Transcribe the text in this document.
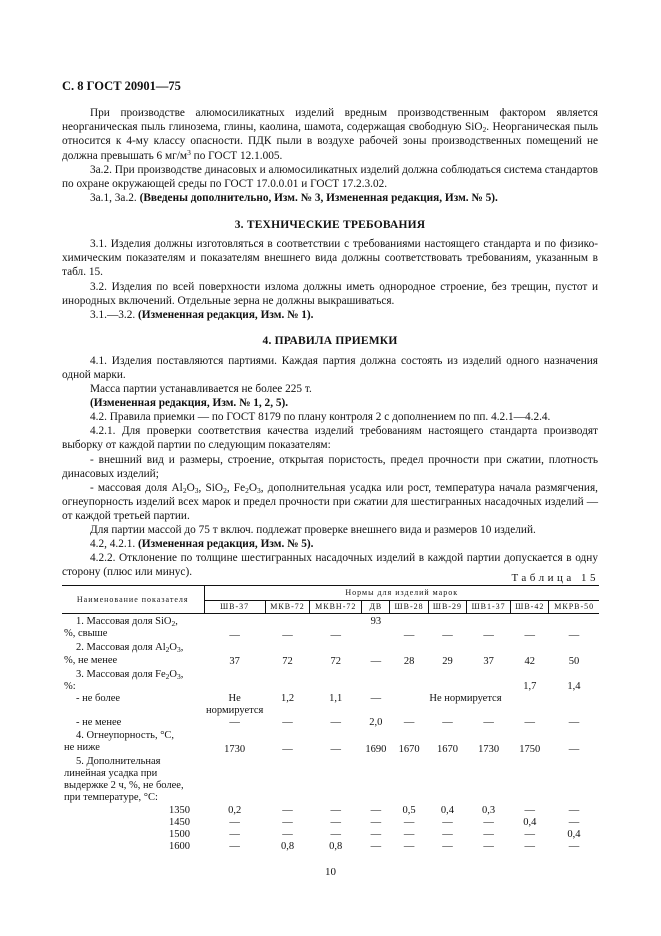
С. 8 ГОСТ 20901—75
При производстве алюмосиликатных изделий вредным производственным фактором является неорганическая пыль глинозема, глины, каолина, шамота, содержащая свободную SiO$_2$. Неорганическая пыль относится к 4-му классу опасности. ПДК пыли в воздухе рабочей зоны производственных помещений не должна превышать 6 $мг/м^3$ по ГОСТ 12.1.005.
3а.2. При производстве динасовых и алюмосиликатных изделий должна соблюдаться система стандартов по охране окружающей среды по ГОСТ 17.0.0.01 и ГОСТ 17.2.3.02.
3а.1, 3а.2. (Введены дополнительно, Изм. № 3, Измененная редакция, Изм. № 5).
3. ТЕХНИЧЕСКИЕ ТРЕБОВАНИЯ
3.1. Изделия должны изготовляться в соответствии с требованиями настоящего стандарта и по физико-химическим показателям и показателям внешнего вида должны соответствовать требованиям, указанным в табл. 15.
3.2. Изделия по всей поверхности излома должны иметь однородное строение, без трещин, пустот и инородных включений. Отдельные зерна не должны выкрашиваться.
3.1.—3.2. (Измененная редакция, Изм. № 1).
4. ПРАВИЛА ПРИЕМКИ
4.1. Изделия поставляются партиями. Каждая партия должна состоять из изделий одного назначения одной марки.
Масса партии устанавливается не более 225 т.
(Измененная редакция, Изм. № 1, 2, 5).
4.2. Правила приемки — по ГОСТ 8179 по плану контроля 2 с дополнением по пп. 4.2.1—4.2.4.
4.2.1. Для проверки соответствия качества изделий требованиям настоящего стандарта производят выборку от каждой партии по следующим показателям:
- внешний вид и размеры, строение, открытая пористость, предел прочности при сжатии, плотность динасовых изделий;
- массовая доля $Al_2O_3$, SiO$_2$, $Fe_2O_3$, дополнительная усадка или рост, температура начала размягчения, огнеупорность изделий всех марок и предел прочности при сжатии для шестигранных насадочных изделий — от каждой третьей партии.
Для партии массой до 75 т включ. подлежат проверке внешнего вида и размеров 10 изделий.
4.2, 4.2.1. (Измененная редакция, Изм. № 5).
4.2.2. Отклонение по толщине шестигранных насадочных изделий в каждой партии допускается в одну сторону (плюс или минус).	Таблица 15
Наименование показателя	Нормы для изделий марок								
	ШВ-37	МКВ-72	МКВН-72	ДВ	ШВ-28	ШВ-29	ШВ1-37	ШВ-42	МКРВ-50
1. Массовая доля SiO$_2$,
%, свыше	—	—	—	93	—	—	—	—	—
2. Массовая доля $Al_2O_3$,
%, не менее	37	72	72	—	28	29	37	42	50
3. Массовая доля $Fe_2O_3$,
%:								1,7	1,4
- не более	Не нормируется	1,2	1,1	—	Не нормируется				
- не менее	—	—	—	2,0	—	—	—	—	—
4. Огнеупорность, °С,
не ниже	1730	—	—	1690	1670	1670	1730	1750	—
5. Дополнительная линейная усадка при выдержке 2 ч, %, не более, при температуре, °С:									
1350	0,2	—	—	—	0,5	0,4	0,3	—	—
1450	—	—	—	—	—	—	—	0,4	—
1500	—	—	—	—	—	—	—	—	0,4
1600	—	0,8	0,8	—	—	—	—	—	—
10
